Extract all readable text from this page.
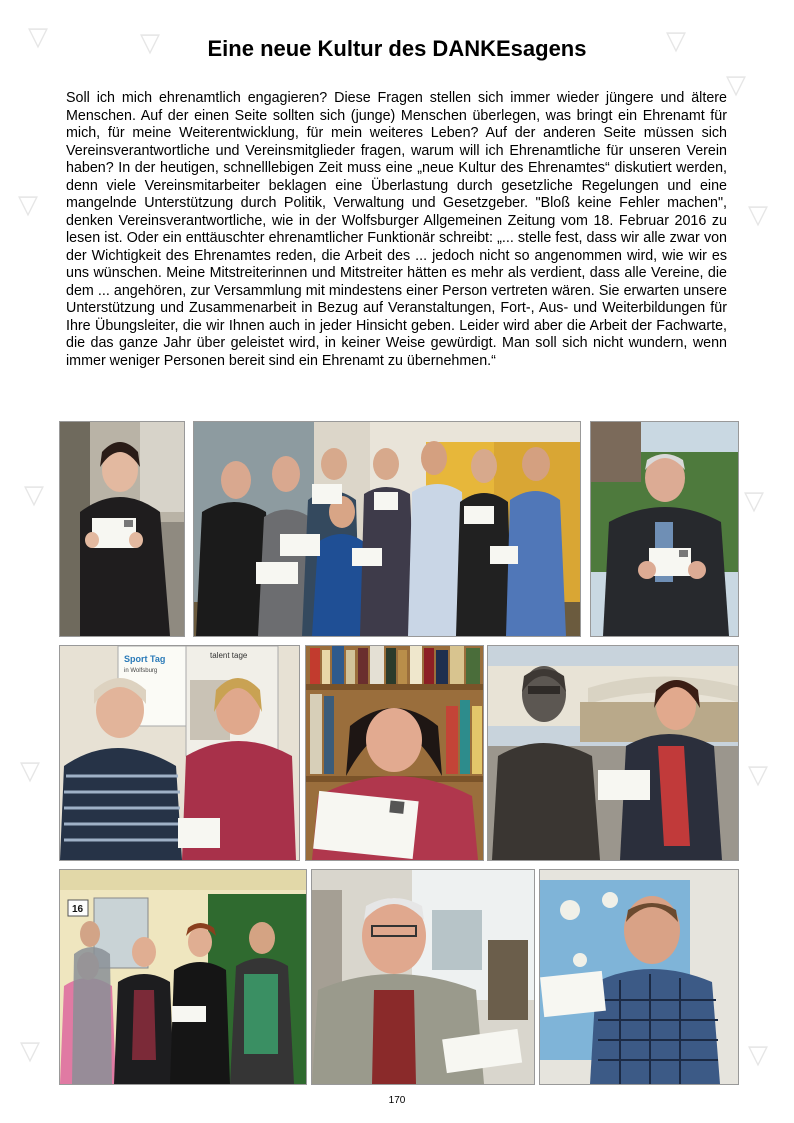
▽	▽	▽
▽
▽	▽
▽	▽
▽	▽
▽	▽
Eine neue Kultur des DANKEsagens

Soll ich mich ehrenamtlich engagieren? Diese Fragen stellen sich immer wieder jüngere und ältere Menschen. Auf der einen Seite sollten sich (junge) Menschen überlegen, was bringt ein Ehrenamt für mich, für meine Weiterentwicklung, für mein weiteres Leben? Auf der anderen Seite müssen sich Vereinsverantwortliche und Vereinsmitglieder fragen, warum will ich Ehrenamtliche für unseren Verein haben? In der heutigen, schnelllebigen Zeit muss eine „neue Kultur des Ehrenamtes“ diskutiert werden, denn viele Vereinsmitarbeiter beklagen eine Überlastung durch gesetzliche Regelungen und eine mangelnde Unterstützung durch Politik, Verwaltung und Gesetzgeber. "Bloß keine Fehler machen", denken Vereinsverantwortliche, wie in der Wolfsburger Allgemeinen Zeitung vom 18. Februar 2016 zu lesen ist. Oder ein enttäuschter ehrenamtlicher Funktionär schreibt: „... stelle fest, dass wir alle zwar von der Wichtigkeit des Ehrenamtes reden, die Arbeit des ... jedoch nicht so angenommen wird, wie wir es uns wünschen. Meine Mitstreiterinnen und Mitstreiter hätten es mehr als verdient, dass alle Vereine, die dem ... angehören, zur Versammlung mit mindestens einer Person vertreten wären. Sie erwarten unsere Unterstützung und Zusammenarbeit in Bezug auf Veranstaltungen, Fort-, Aus- und Weiterbildungen für Ihre Übungsleiter, die wir Ihnen auch in jeder Hinsicht geben. Leider wird aber die Arbeit der Fachwarte, die das ganze Jahr über geleistet wird, in keiner Weise gewürdigt. Man soll sich nicht wundern, wenn immer weniger Personen bereit sind ein Ehrenamt zu übernehmen.“

Sport Tag
in Wolfsburg
talent tage
16
170
